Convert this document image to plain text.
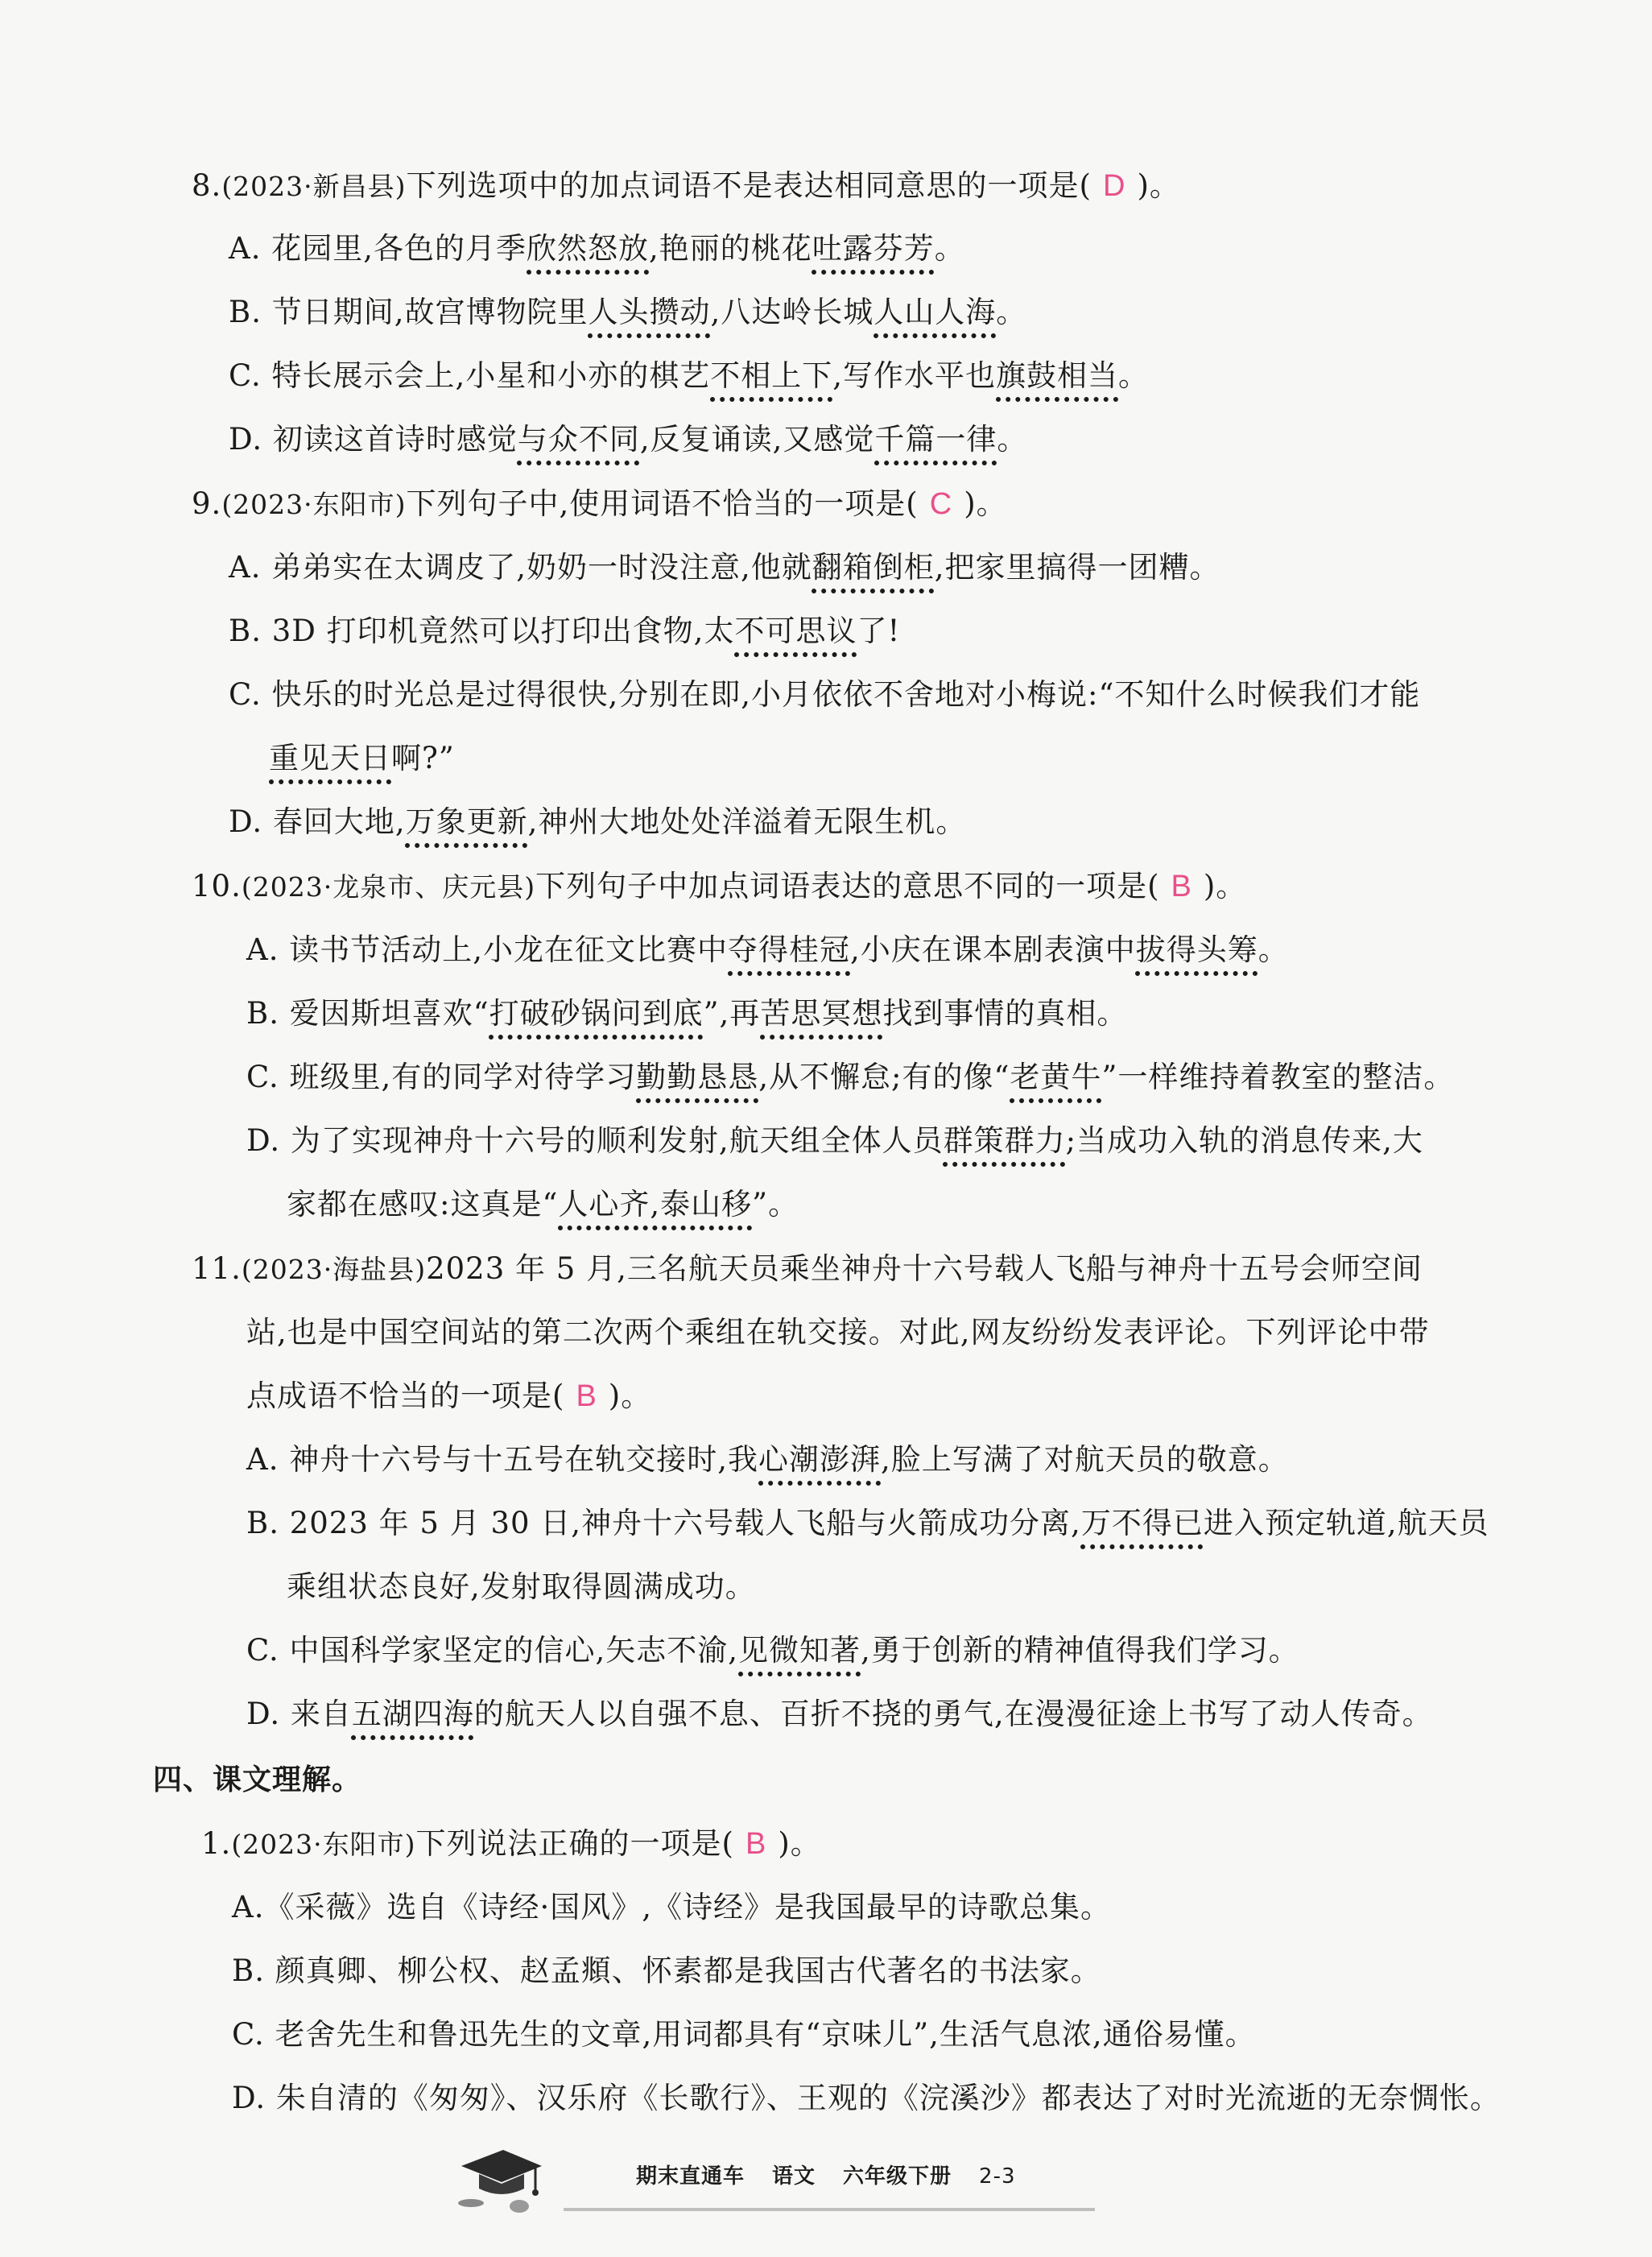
8.(2023·新昌县)下列选项中的加点词语不是表达相同意思的一项是( D )。
A. 花园里,各色的月季欣然怒放,艳丽的桃花吐露芬芳。
B. 节日期间,故宫博物院里人头攒动,八达岭长城人山人海。
C. 特长展示会上,小星和小亦的棋艺不相上下,写作水平也旗鼓相当。
D. 初读这首诗时感觉与众不同,反复诵读,又感觉千篇一律。
9.(2023·东阳市)下列句子中,使用词语不恰当的一项是( C )。
A. 弟弟实在太调皮了,奶奶一时没注意,他就翻箱倒柜,把家里搞得一团糟。
B. 3D 打印机竟然可以打印出食物,太不可思议了!
C. 快乐的时光总是过得很快,分别在即,小月依依不舍地对小梅说:“不知什么时候我们才能
重见天日啊?”
D. 春回大地,万象更新,神州大地处处洋溢着无限生机。
10.(2023·龙泉市、庆元县)下列句子中加点词语表达的意思不同的一项是( B )。
A. 读书节活动上,小龙在征文比赛中夺得桂冠,小庆在课本剧表演中拔得头筹。
B. 爱因斯坦喜欢“打破砂锅问到底”,再苦思冥想找到事情的真相。
C. 班级里,有的同学对待学习勤勤恳恳,从不懈怠;有的像“老黄牛”一样维持着教室的整洁。
D. 为了实现神舟十六号的顺利发射,航天组全体人员群策群力;当成功入轨的消息传来,大
家都在感叹:这真是“人心齐,泰山移”。
11.(2023·海盐县)2023 年 5 月,三名航天员乘坐神舟十六号载人飞船与神舟十五号会师空间
站,也是中国空间站的第二次两个乘组在轨交接。对此,网友纷纷发表评论。下列评论中带
点成语不恰当的一项是( B )。
A. 神舟十六号与十五号在轨交接时,我心潮澎湃,脸上写满了对航天员的敬意。
B. 2023 年 5 月 30 日,神舟十六号载人飞船与火箭成功分离,万不得已进入预定轨道,航天员
乘组状态良好,发射取得圆满成功。
C. 中国科学家坚定的信心,矢志不渝,见微知著,勇于创新的精神值得我们学习。
D. 来自五湖四海的航天人以自强不息、百折不挠的勇气,在漫漫征途上书写了动人传奇。
四、课文理解。
1.(2023·东阳市)下列说法正确的一项是( B )。
A.《采薇》选自《诗经·国风》,《诗经》是我国最早的诗歌总集。
B. 颜真卿、柳公权、赵孟頫、怀素都是我国古代著名的书法家。
C. 老舍先生和鲁迅先生的文章,用词都具有“京味儿”,生活气息浓,通俗易懂。
D. 朱自清的《匆匆》、汉乐府《长歌行》、王观的《浣溪沙》都表达了对时光流逝的无奈惆怅。
期末直通车 语文 六年级下册 2-3
